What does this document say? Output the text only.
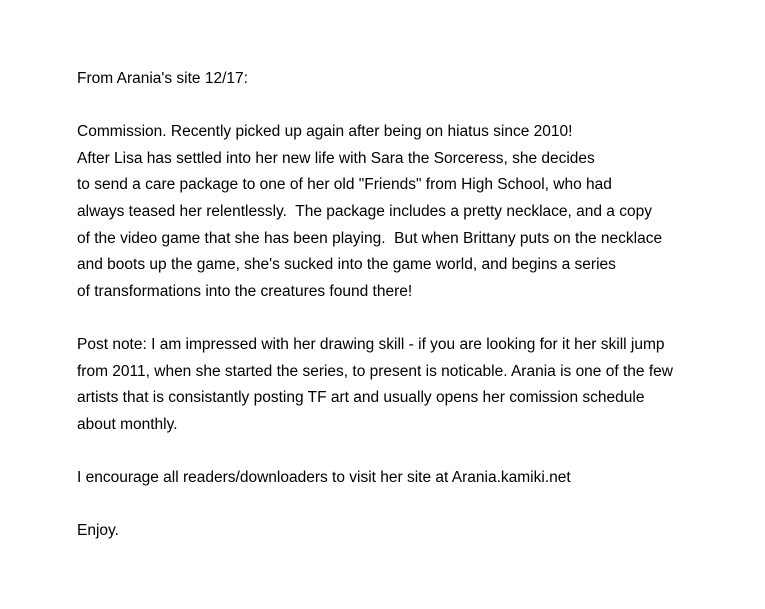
From Arania's site 12/17:
Commission. Recently picked up again after being on hiatus since 2010!
After Lisa has settled into her new life with Sara the Sorceress, she decides
to send a care package to one of her old "Friends" from High School, who had
always teased her relentlessly.  The package includes a pretty necklace, and a copy
of the video game that she has been playing.  But when Brittany puts on the necklace
and boots up the game, she's sucked into the game world, and begins a series
of transformations into the creatures found there!
Post note: I am impressed with her drawing skill - if you are looking for it her skill jump
from 2011, when she started the series, to present is noticable. Arania is one of the few
artists that is consistantly posting TF art and usually opens her comission schedule
about monthly.
I encourage all readers/downloaders to visit her site at Arania.kamiki.net
Enjoy.
